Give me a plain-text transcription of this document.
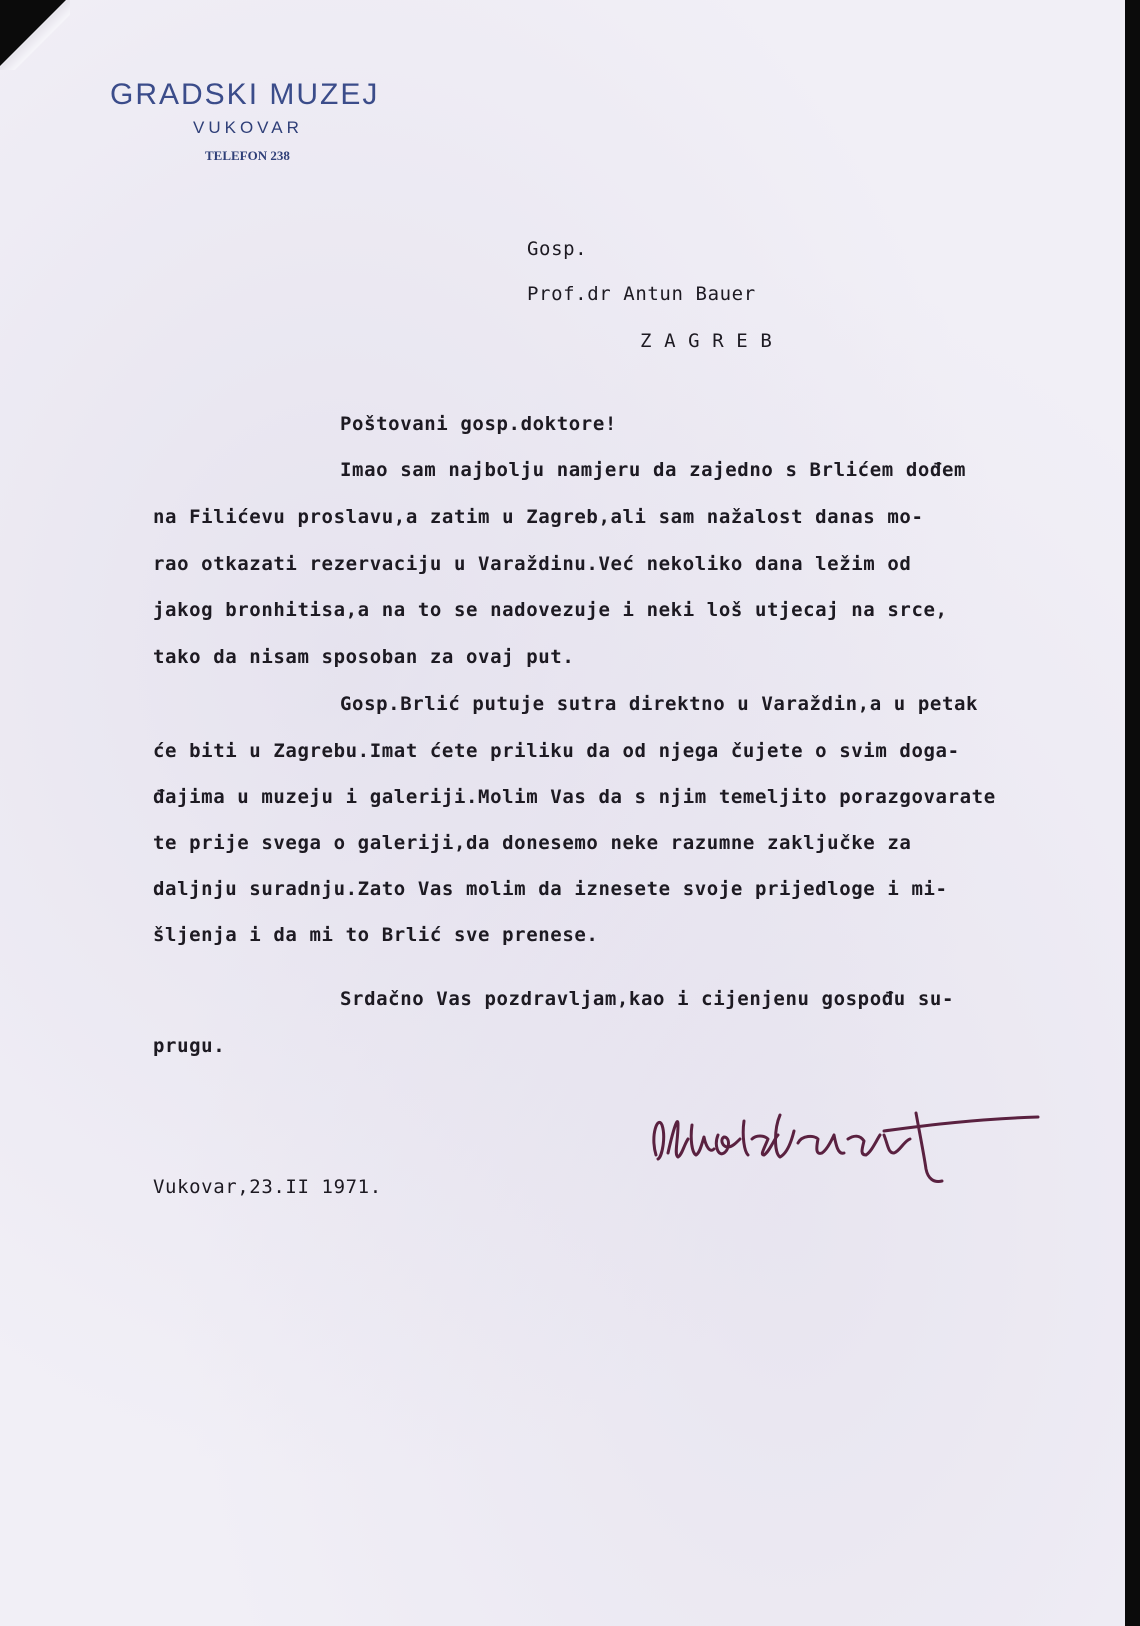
GRADSKI MUZEJ
VUKOVAR
TELEFON 238
Gosp.
Prof.dr Antun Bauer
Z A G R E B
Poštovani gosp.doktore!
Imao sam najbolju namjeru da zajedno s Brlićem dođem
na Filićevu proslavu,a zatim u Zagreb,ali sam nažalost danas mo-
rao otkazati rezervaciju u Varaždinu.Već nekoliko dana ležim od
jakog bronhitisa,a na to se nadovezuje i neki loš utjecaj na srce,
tako da nisam sposoban za ovaj put.
Gosp.Brlić putuje sutra direktno u Varaždin,a u petak
će biti u Zagrebu.Imat ćete priliku da od njega čujete o svim doga-
đajima u muzeju i galeriji.Molim Vas da s njim temeljito porazgovarate
te prije svega o galeriji,da donesemo neke razumne zaključke za
daljnju suradnju.Zato Vas molim da iznesete svoje prijedloge i mi-
šljenja i da mi to Brlić sve prenese.
Srdačno Vas pozdravljam,kao i cijenjenu gospođu su-
prugu.
Vukovar,23.II 1971.
